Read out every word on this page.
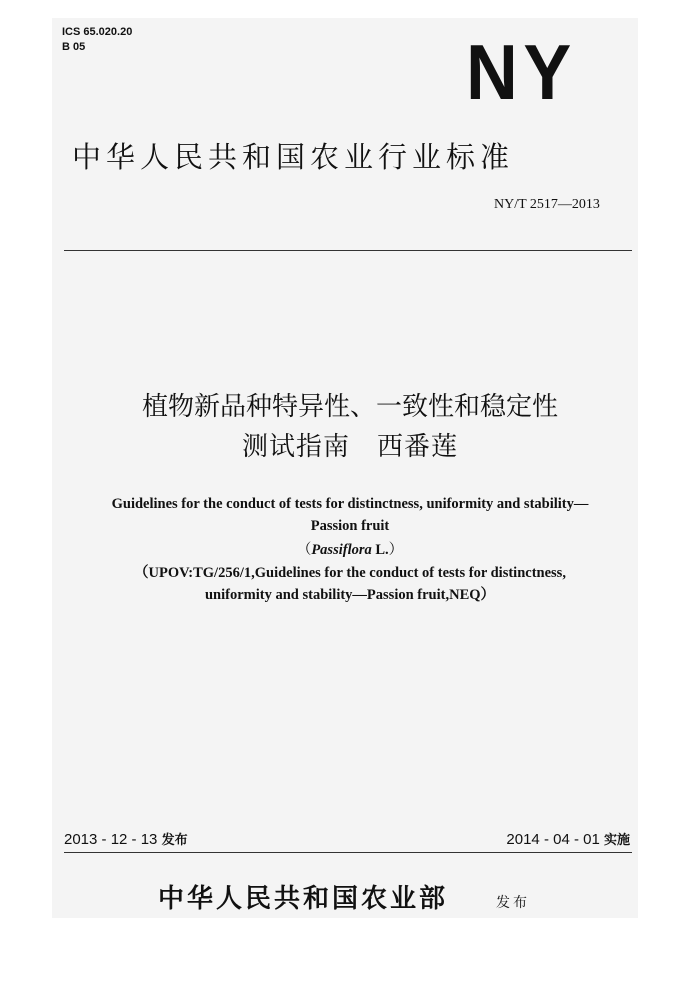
ICS 65.020.20
B 05	NY
中华人民共和国农业行业标准
NY/T 2517—2013
植物新品种特异性、一致性和稳定性
测试指南　西番莲
Guidelines for the conduct of tests for distinctness, uniformity and stability—
Passion fruit
（Passiflora L.）
（UPOV:TG/256/1,Guidelines for the conduct of tests for distinctness,
uniformity and stability—Passion fruit,NEQ）
2013 - 12 - 13 发布	2014 - 04 - 01 实施
中华人民共和国农业部	发布
